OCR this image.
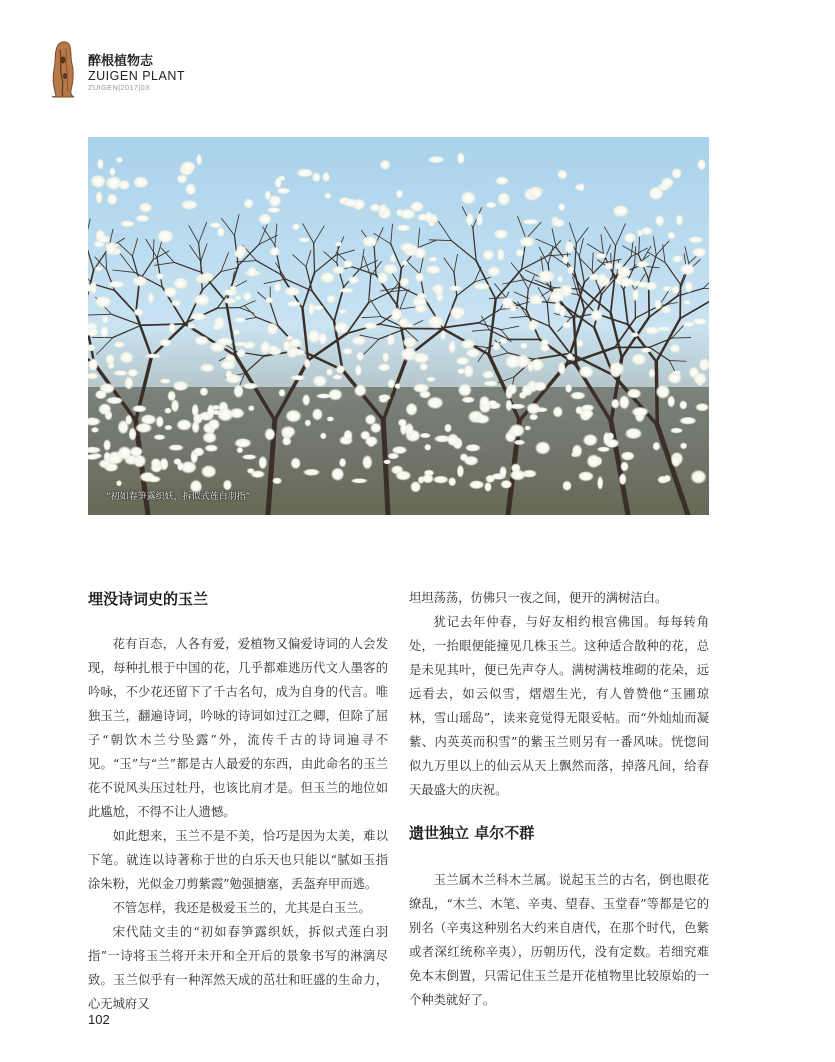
醉根植物志
ZUIGEN PLANT
ZUIGEN|2017|03
“初如春笋露织妖，拆似式莲白羽指”
埋没诗词史的玉兰

花有百态，人各有爱，爱植物又偏爱诗词的人会发现，每种扎根于中国的花，几乎都难逃历代文人墨客的吟咏，不少花还留下了千古名句，成为自身的代言。唯独玉兰，翻遍诗词，吟咏的诗词如过江之卿，但除了屈子“朝饮木兰兮坠露”外，流传千古的诗词遍寻不见。“玉”与“兰”都是古人最爱的东西，由此命名的玉兰花不说风头压过牡丹，也该比肩才是。但玉兰的地位如此尴尬，不得不让人遗憾。

如此想来，玉兰不是不美，恰巧是因为太美，难以下笔。就连以诗著称于世的白乐天也只能以“腻如玉指涂朱粉，光似金刀剪紫霞”勉强搪塞，丢盔弃甲而逃。

不管怎样，我还是极爱玉兰的，尤其是白玉兰。

宋代陆文圭的“初如春笋露织妖，拆似式莲白羽指”一诗将玉兰将开未开和全开后的景象书写的淋漓尽致。玉兰似乎有一种浑然天成的茁壮和旺盛的生命力，心无城府又

坦坦荡荡，仿佛只一夜之间，便开的满树洁白。

犹记去年仲春，与好友相约根宫佛国。每每转角处，一抬眼便能撞见几株玉兰。这种适合散种的花，总是未见其叶，便已先声夺人。满树满枝堆砌的花朵，远远看去，如云似雪，熠熠生光，有人曾赞他“玉圃琼林，雪山瑶岛”，读来竟觉得无限妥帖。而“外灿灿而凝紫、内英英而积雪”的紫玉兰则另有一番风味。恍惚间似九万里以上的仙云从天上飘然而落，掉落凡间，给春天最盛大的庆祝。

遗世独立 卓尔不群

玉兰属木兰科木兰属。说起玉兰的古名，倒也眼花缭乱，“木兰、木笔、辛夷、望春、玉堂春”等都是它的别名（辛夷这种别名大约来自唐代，在那个时代，色紫或者深红统称辛夷），历朝历代，没有定数。若细究难免本末倒置，只需记住玉兰是开花植物里比较原始的一个种类就好了。

102
